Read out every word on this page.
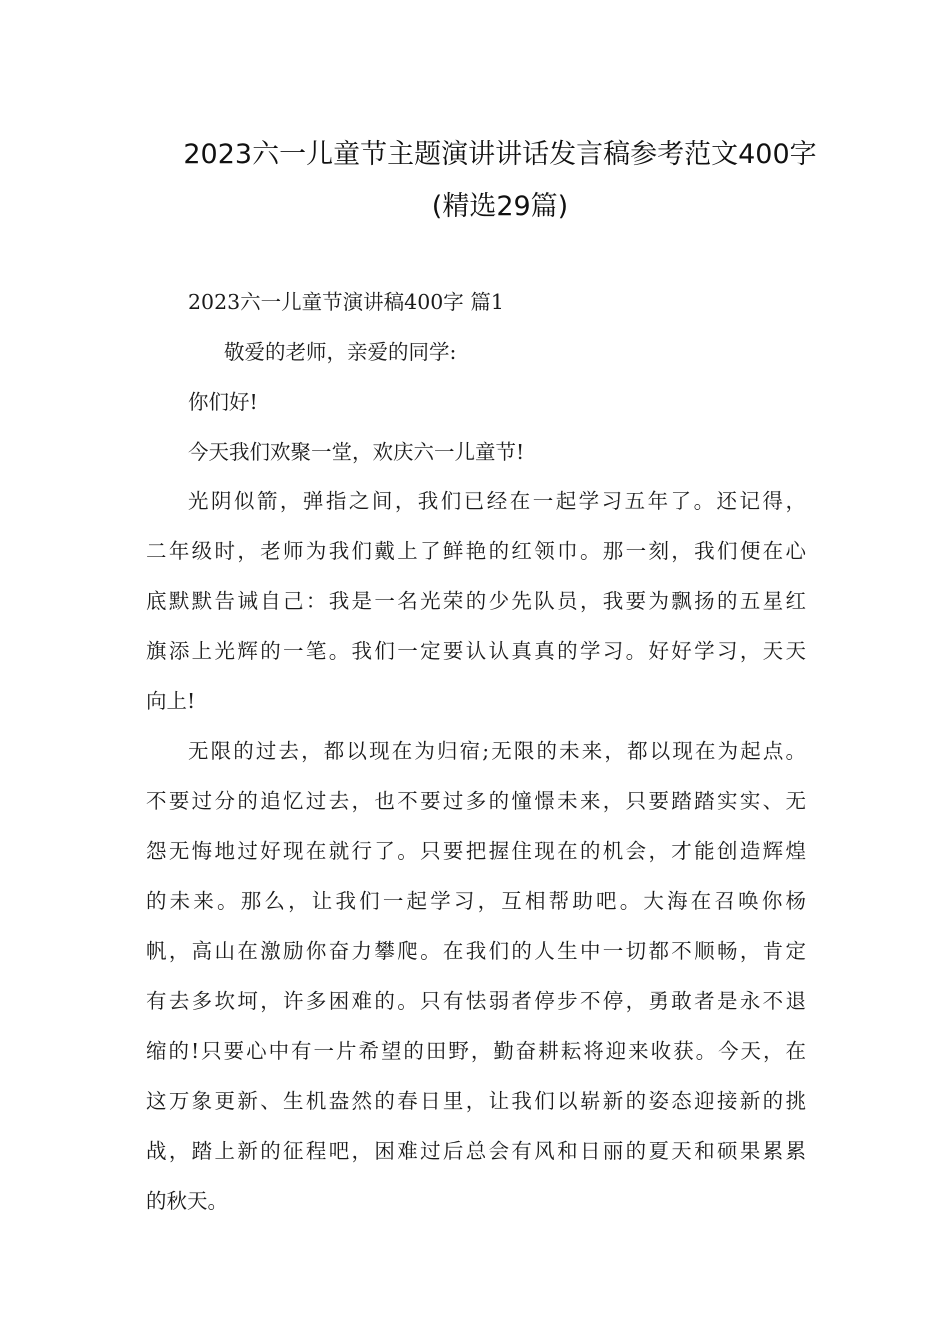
2023六一儿童节主题演讲讲话发言稿参考范文400字
(精选29篇)
2023六一儿童节演讲稿400字 篇1
敬爱的老师，亲爱的同学:
你们好!
今天我们欢聚一堂，欢庆六一儿童节!
光阴似箭，弹指之间，我们已经在一起学习五年了。还记得，
二年级时，老师为我们戴上了鲜艳的红领巾。那一刻，我们便在心
底默默告诫自己：我是一名光荣的少先队员，我要为飘扬的五星红
旗添上光辉的一笔。我们一定要认认真真的学习。好好学习，天天
向上!
无限的过去，都以现在为归宿;无限的未来，都以现在为起点。
不要过分的追忆过去，也不要过多的憧憬未来，只要踏踏实实、无
怨无悔地过好现在就行了。只要把握住现在的机会，才能创造辉煌
的未来。那么，让我们一起学习，互相帮助吧。大海在召唤你杨
帆，高山在激励你奋力攀爬。在我们的人生中一切都不顺畅，肯定
有去多坎坷，许多困难的。只有怯弱者停步不停，勇敢者是永不退
缩的!只要心中有一片希望的田野，勤奋耕耘将迎来收获。今天，在
这万象更新、生机盎然的春日里，让我们以崭新的姿态迎接新的挑
战，踏上新的征程吧，困难过后总会有风和日丽的夏天和硕果累累
的秋天。
